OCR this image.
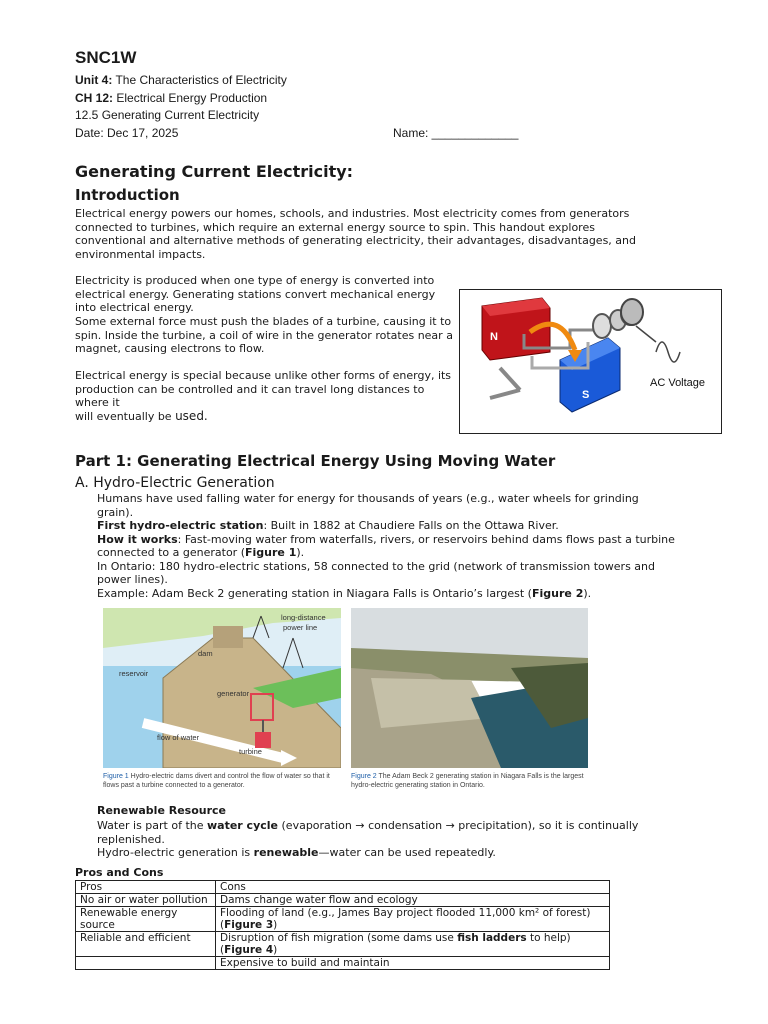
SNC1W
Unit 4: The Characteristics of Electricity
CH 12: Electrical Energy Production
12.5 Generating Current Electricity
Date: Dec 17, 2025	Name: _____________
Generating Current Electricity:
Introduction
Electrical energy powers our homes, schools, and industries. Most electricity comes from generators connected to turbines, which require an external energy source to spin. This handout explores conventional and alternative methods of generating electricity, their advantages, disadvantages, and environmental impacts.
Electricity is produced when one type of energy is converted into electrical energy. Generating stations convert mechanical energy into electrical energy.
Some external force must push the blades of a turbine, causing it to spin. Inside the turbine, a coil of wire in the generator rotates near a magnet, causing electrons to flow.
Electrical energy is special because unlike other forms of energy, its production can be controlled and it can travel long distances to where it
will eventually be used.
N
S
AC Voltage
Part 1: Generating Electrical Energy Using Moving Water
A. Hydro-Electric Generation
Humans have used falling water for energy for thousands of years (e.g., water wheels for grinding grain).
First hydro-electric station: Built in 1882 at Chaudiere Falls on the Ottawa River.
How it works: Fast-moving water from waterfalls, rivers, or reservoirs behind dams flows past a turbine connected to a generator (Figure 1).
In Ontario: 180 hydro-electric stations, 58 connected to the grid (network of transmission towers and power lines).
Example: Adam Beck 2 generating station in Niagara Falls is Ontario’s largest (Figure 2).
long-distance
power line
dam
reservoir
generator
flow of water
turbine
Figure 1 Hydro-electric dams divert and control the flow of water so that it flows past a turbine connected to a generator.
Figure 2 The Adam Beck 2 generating station in Niagara Falls is the largest hydro-electric generating station in Ontario.
Renewable Resource
Water is part of the water cycle (evaporation → condensation → precipitation), so it is continually replenished.
Hydro-electric generation is renewable—water can be used repeatedly.
Pros and Cons
Pros	Cons
No air or water pollution	Dams change water flow and ecology
Renewable energy source	Flooding of land (e.g., James Bay project flooded 11,000 km² of forest) (Figure 3)
Reliable and efficient	Disruption of fish migration (some dams use fish ladders to help) (Figure 4)
	Expensive to build and maintain
